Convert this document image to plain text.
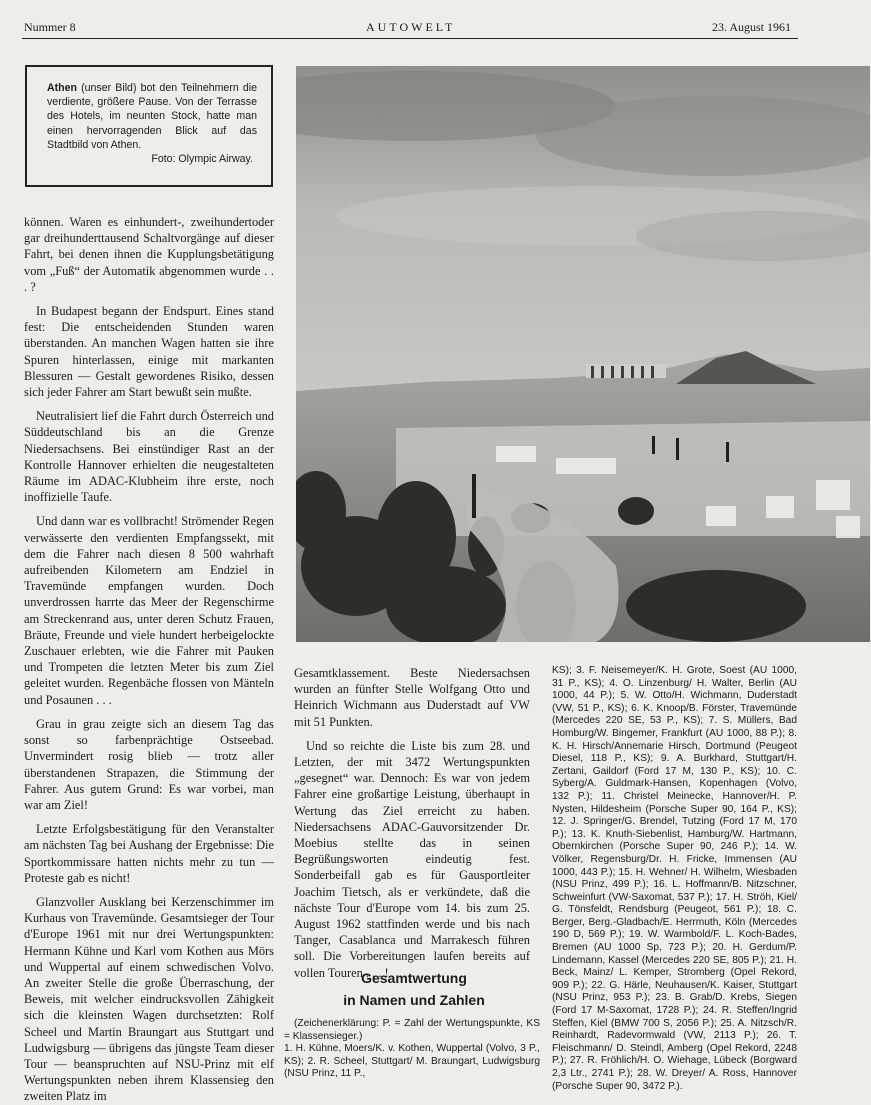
Nummer 8	AUTOWELT	23. August 1961
Athen (unser Bild) bot den Teilnehmern die verdiente, größere Pause. Von der Terrasse des Hotels, im neunten Stock, hatte man einen hervorragenden Blick auf das Stadtbild von Athen.
Foto: Olympic Airway.

können. Waren es einhundert-, zweihundertoder gar dreihunderttausend Schaltvorgänge auf dieser Fahrt, bei denen ihnen die Kupplungsbetätigung vom „Fuß“ der Automatik abgenommen wurde . . . ?

In Budapest begann der Endspurt. Eines stand fest: Die entscheidenden Stunden waren überstanden. An manchen Wagen hatten sie ihre Spuren hinterlassen, einige mit markanten Blessuren — Gestalt gewordenes Risiko, dessen sich jeder Fahrer am Start bewußt sein mußte.

Neutralisiert lief die Fahrt durch Österreich und Süddeutschland bis an die Grenze Niedersachsens. Bei einstündiger Rast an der Kontrolle Hannover erhielten die neugestalteten Räume im ADAC-Klubheim ihre erste, noch inoffizielle Taufe.

Und dann war es vollbracht! Strömender Regen verwässerte den verdienten Empfangssekt, mit dem die Fahrer nach diesen 8 500 wahrhaft aufreibenden Kilometern am Endziel in Travemünde empfangen wurden. Doch unverdrossen harrte das Meer der Regenschirme am Streckenrand aus, unter deren Schutz Frauen, Bräute, Freunde und viele hundert herbeigelockte Zuschauer erlebten, wie die Fahrer mit Pauken und Trompeten die letzten Meter bis zum Ziel geleitet wurden. Regenbäche flossen von Mänteln und Posaunen . . .

Grau in grau zeigte sich an diesem Tag das sonst so farbenprächtige Ostseebad. Unvermindert rosig blieb — trotz aller überstandenen Strapazen, die Stimmung der Fahrer. Aus gutem Grund: Es war vorbei, man war am Ziel!

Letzte Erfolgsbestätigung für den Veranstalter am nächsten Tag bei Aushang der Ergebnisse: Die Sportkommissare hatten nichts mehr zu tun — Proteste gab es nicht!

Glanzvoller Ausklang bei Kerzenschimmer im Kurhaus von Travemünde. Gesamtsieger der Tour d'Europe 1961 mit nur drei Wertungspunkten: Hermann Kühne und Karl vom Kothen aus Mörs und Wuppertal auf einem schwedischen Volvo. An zweiter Stelle die große Überraschung, der Beweis, mit welcher eindrucksvollen Zähigkeit sich die kleinsten Wagen durchsetzten: Rolf Scheel und Martin Braungart aus Stuttgart und Ludwigsburg — übrigens das jüngste Team dieser Tour — beanspruchten auf NSU-Prinz mit elf Wertungspunkten neben ihrem Klassensieg den zweiten Platz im

Gesamtklassement. Beste Niedersachsen wurden an fünfter Stelle Wolfgang Otto und Heinrich Wichmann aus Duderstadt auf VW mit 51 Punkten.

Und so reichte die Liste bis zum 28. und Letzten, der mit 3472 Wertungspunkten „gesegnet“ war. Dennoch: Es war von jedem Fahrer eine großartige Leistung, überhaupt in Wertung das Ziel erreicht zu haben. Niedersachsens ADAC-Gauvorsitzender Dr. Moebius stellte das in seinen Begrüßungsworten eindeutig fest. Sonderbeifall gab es für Gausportleiter Joachim Tietsch, als er verkündete, daß die nächste Tour d'Europe vom 14. bis zum 25. August 1962 stattfinden werde und bis nach Tanger, Casablanca und Marrakesch führen soll. Die Vorbereitungen laufen bereits auf vollen Touren . . . !

Gesamtwertung
in Namen und Zahlen

(Zeichenerklärung: P. = Zahl der Wertungspunkte, KS = Klassensieger.)

1. H. Kühne, Moers/K. v. Kothen, Wuppertal (Volvo, 3 P., KS); 2. R. Scheel, Stuttgart/ M. Braungart, Ludwigsburg (NSU Prinz, 11 P.,

KS); 3. F. Neisemeyer/K. H. Grote, Soest (AU 1000, 31 P., KS); 4. O. Linzenburg/ H. Walter, Berlin (AU 1000, 44 P.); 5. W. Otto/H. Wichmann, Duderstadt (VW, 51 P., KS); 6. K. Knoop/B. Förster, Travemünde (Mercedes 220 SE, 53 P., KS); 7. S. Müllers, Bad Homburg/W. Bingemer, Frankfurt (AU 1000, 88 P.); 8. K. H. Hirsch/Annemarie Hirsch, Dortmund (Peugeot Diesel, 118 P., KS); 9. A. Burkhard, Stuttgart/H. Zertani, Gaildorf (Ford 17 M, 130 P., KS); 10. C. Syberg/A. Guldmark-Hansen, Kopenhagen (Volvo, 132 P.); 11. Christel Meinecke, Hannover/H. P. Nysten, Hildesheim (Porsche Super 90, 164 P., KS); 12. J. Springer/G. Brendel, Tutzing (Ford 17 M, 170 P.); 13. K. Knuth-Siebenlist, Hamburg/W. Hartmann, Obernkirchen (Porsche Super 90, 246 P.); 14. W. Völker, Regensburg/Dr. H. Fricke, Immensen (AU 1000, 443 P.); 15. H. Wehner/ H. Wilhelm, Wiesbaden (NSU Prinz, 499 P.); 16. L. Hoffmann/B. Nitzschner, Schweinfurt (VW-Saxomat, 537 P.); 17. H. Ströh, Kiel/ G. Tönsfeldt, Rendsburg (Peugeot, 561 P.); 18. C. Berger, Berg.-Gladbach/E. Herrmuth, Köln (Mercedes 190 D, 569 P.); 19. W. Warmbold/F. L. Koch-Bades, Bremen (AU 1000 Sp, 723 P.); 20. H. Gerdum/P. Lindemann, Kassel (Mercedes 220 SE, 805 P.); 21. H. Beck, Mainz/ L. Kemper, Stromberg (Opel Rekord, 909 P.); 22. G. Härle, Neuhausen/K. Kaiser, Stuttgart (NSU Prinz, 953 P.); 23. B. Grab/D. Krebs, Siegen (Ford 17 M-Saxomat, 1728 P.); 24. R. Steffen/Ingrid Steffen, Kiel (BMW 700 S, 2056 P.); 25. A. Nitzsch/R. Reinhardt, Radevormwald (VW, 2113 P.); 26. T. Fleischmann/ D. Steindl, Amberg (Opel Rekord, 2248 P.); 27. R. Fröhlich/H. O. Wiehage, Lübeck (Borgward 2,3 Ltr., 2741 P.); 28. W. Dreyer/ A. Ross, Hannover (Porsche Super 90, 3472 P.).
